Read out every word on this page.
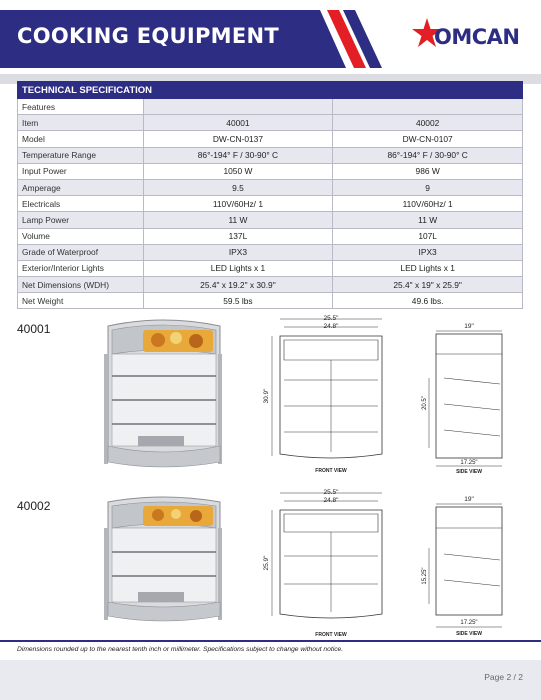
COOKING EQUIPMENT	OMCAN
TECHNICAL SPECIFICATION		
Features		
Item	40001	40002
Model	DW-CN-0137	DW-CN-0107
Temperature Range	86°-194° F / 30-90° C	86°-194° F / 30-90° C
Input Power	1050 W	986 W
Amperage	9.5	9
Electricals	110V/60Hz/ 1	110V/60Hz/ 1
Lamp Power	11 W	11 W
Volume	137L	107L
Grade of Waterproof	IPX3	IPX3
Exterior/Interior Lights	LED Lights x 1	LED Lights x 1
Net Dimensions (WDH)	25.4" x 19.2" x 30.9"	25.4" x 19" x 25.9"
Net Weight	59.5 lbs	49.6 lbs.
40001
25.5"
24.8"
30.9"
FRONT VIEW
19"
20.5"
17.25"
SIDE VIEW
40002
25.5"
24.8"
25.9"
FRONT VIEW
19"
15.25"
17.25"
SIDE VIEW
Dimensions rounded up to the nearest tenth inch or millimeter. Specifications subject to change without notice.
Page 2 / 2
